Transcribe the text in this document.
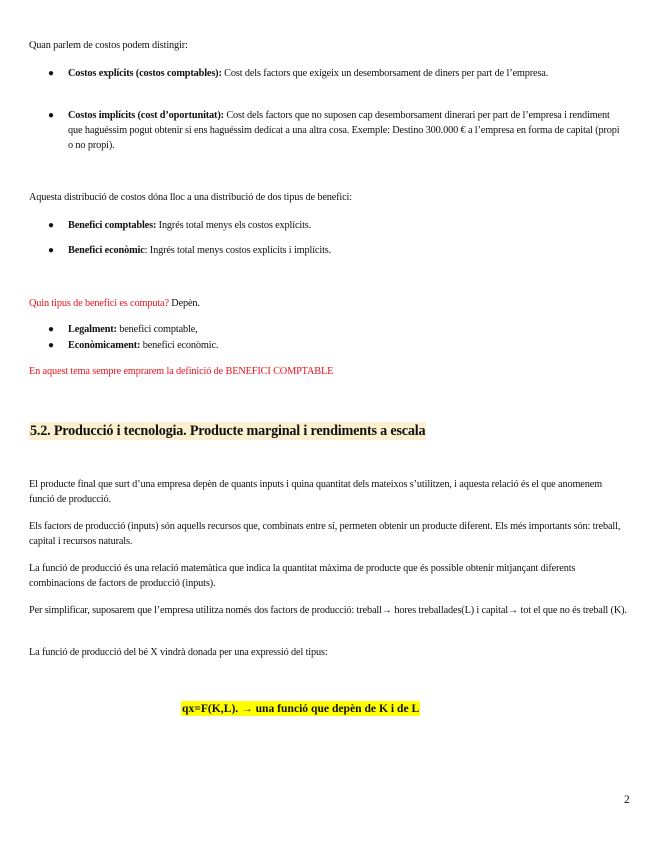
Quan parlem de costos podem distingir:

● Costos explícits (costos comptables): Cost dels factors que exigeix un desemborsament de diners per part de l’empresa.
● Costos implícits (cost d’oportunitat): Cost dels factors que no suposen cap desemborsament dinerari per part de l’empresa i rendiment que haguéssim pogut obtenir si ens haguéssim dedicat a una altra cosa. Exemple: Destino 300.000 € a l’empresa en forma de capital (propi o no propi).

Aquesta distribució de costos dóna lloc a una distribució de dos tipus de benefici:

● Benefici comptables: Ingrés total menys els costos explícits.
● Benefici econòmic: Ingrés total menys costos explícits i implícits.

Quin tipus de benefici es computa? Depèn.

● Legalment: benefici comptable,
● Econòmicament: benefici econòmic.

En aquest tema sempre emprarem la definició de BENEFICI COMPTABLE

5.2. Producció i tecnologia. Producte marginal i rendiments a escala

El producte final que surt d’una empresa depèn de quants inputs i quina quantitat dels mateixos s’utilitzen, i aquesta relació és el que anomenem funció de producció.

Els factors de producció (inputs) són aquells recursos que, combinats entre sí, permeten obtenir un producte diferent. Els més importants són: treball, capital i recursos naturals.

La funció de producció és una relació matemàtica que indica la quantitat màxima de producte que és possible obtenir mitjançant diferents combinacions de factors de producció (inputs).

Per simplificar, suposarem que l’empresa utilitza només dos factors de producció: treball→ hores treballades(L) i capital→ tot el que no és treball (K).

La funció de producció del bé X vindrà donada per una expressió del tipus:

qx=F(K,L). → una funció que depèn de K i de L
2
